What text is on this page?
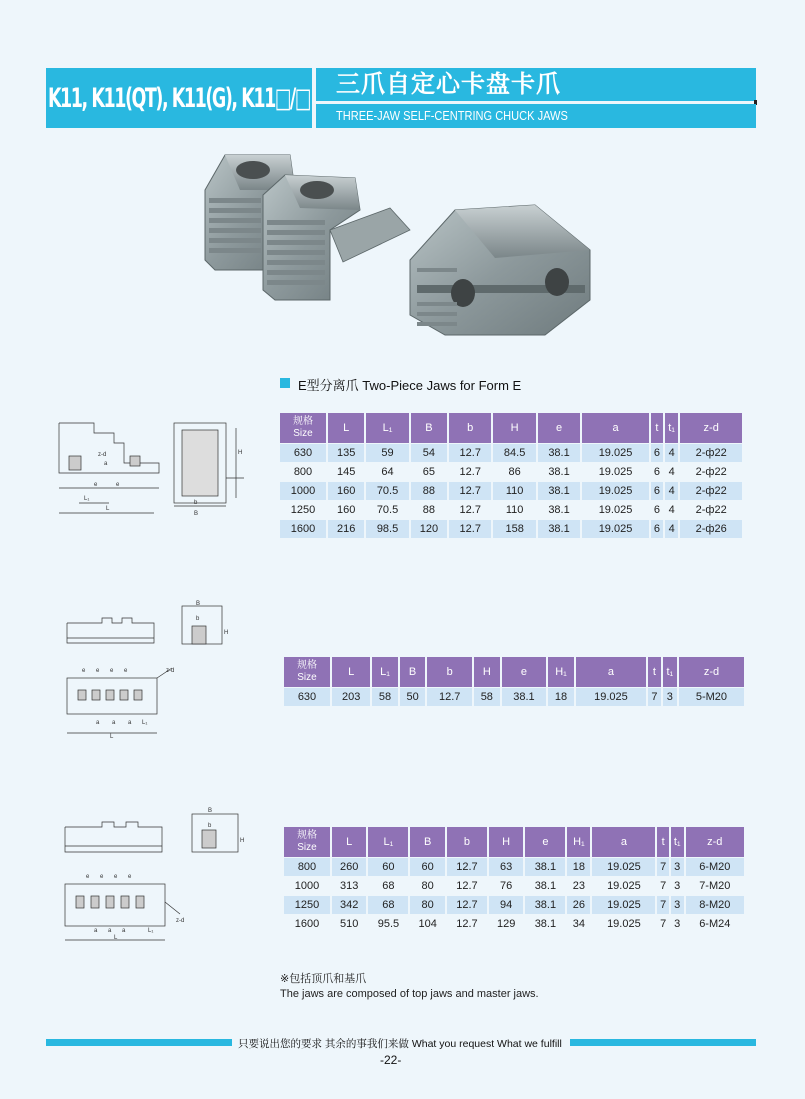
K11, K11(QT), K11(G), K11□/□	三爪自定心卡盘卡爪
THREE-JAW SELF-CENTRING CHUCK JAWS
E型分离爪 Two-Piece Jaws for Form E
z-d
a
e	e
L₁
L
b
B
H
规格
Size	L	L₁	B	b	H	e	a	t	t₁	z-d
630	135	59	54	12.7	84.5	38.1	19.025	6	4	2-ф22
800	145	64	65	12.7	86	38.1	19.025	6	4	2-ф22
1000	160	70.5	88	12.7	110	38.1	19.025	6	4	2-ф22
1250	160	70.5	88	12.7	110	38.1	19.025	6	4	2-ф22
1600	216	98.5	120	12.7	158	38.1	19.025	6	4	2-ф26
e e e e	z-d
a a a L₁
L
B
b
H
规格
Size	L	L₁	B	b	H	e	H₁	a	t	t₁	z-d
630	203	58	50	12.7	58	38.1	18	19.025	7	3	5-M20
e e e e
z-d
a a a	L₁
L
B
b
H	规格
Size	L	L₁	B	b	H	e	H₁	a	t	t₁	z-d
800	260	60	60	12.7	63	38.1	18	19.025	7	3	6-M20
1000	313	68	80	12.7	76	38.1	23	19.025	7	3	7-M20
1250	342	68	80	12.7	94	38.1	26	19.025	7	3	8-M20
1600	510	95.5	104	12.7	129	38.1	34	19.025	7	3	6-M24
※包括顶爪和基爪
The jaws are composed of top jaws and master jaws.
只要说出您的要求 其余的事我们来做 What you request What we fulfill
-22-
